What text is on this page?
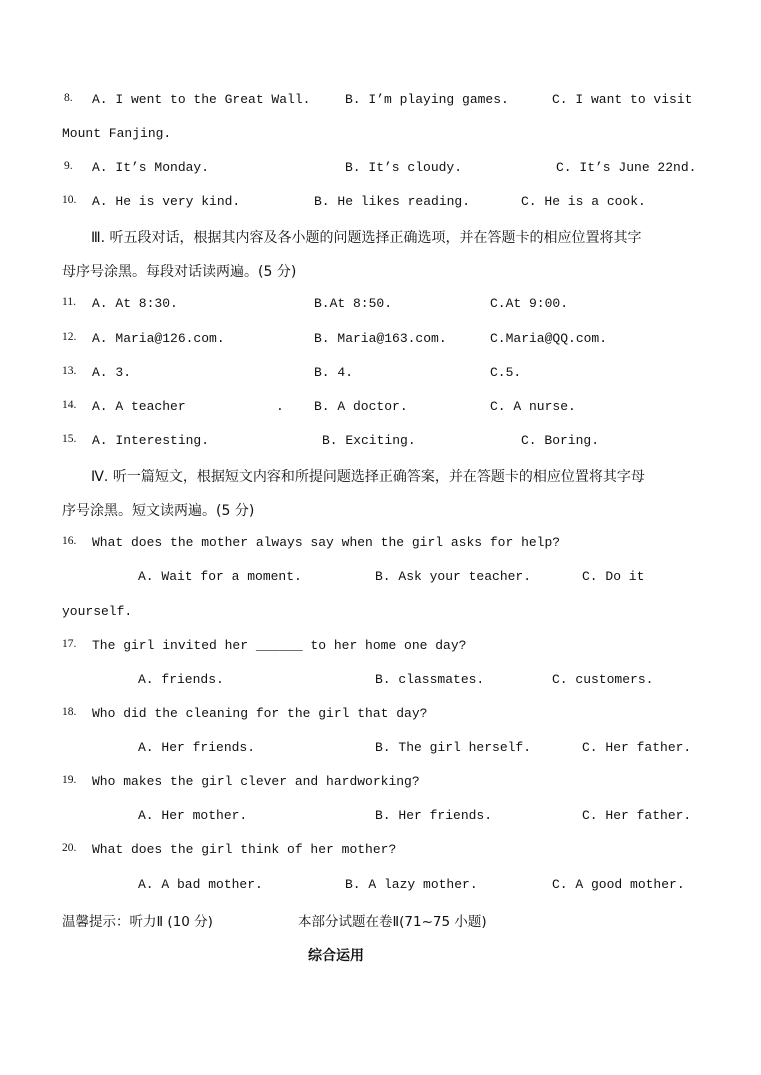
8. A. I went to the Great Wall.	B. I’m playing games.	C. I want to visit
Mount Fanjing.
9. A. It’s Monday.	B. It’s cloudy.	C. It’s June 22nd.
10. A. He is very kind.	B. He likes reading.	C. He is a cook.
Ⅲ. 听五段对话，根据其内容及各小题的问题选择正确选项，并在答题卡的相应位置将其字
母序号涂黑。每段对话读两遍。(5 分)
11. A. At 8:30.	B.At 8:50.	C.At 9:00.
12. A. Maria@126.com.	B. Maria@163.com.	C.Maria@QQ.com.
13. A. 3.	B. 4.	C.5.
14. A. A teacher	. B. A doctor.	C. A nurse.
15. A. Interesting.	B. Exciting.	C. Boring.
Ⅳ. 听一篇短文，根据短文内容和所提问题选择正确答案，并在答题卡的相应位置将其字母
序号涂黑。短文读两遍。(5 分)
16. What does the mother always say when the girl asks for help?
A. Wait for a moment.	B. Ask your teacher.	C. Do it
yourself.
17. The girl invited her ______ to her home one day?
A. friends.	B. classmates.	C. customers.
18. Who did the cleaning for the girl that day?
A. Her friends.	B. The girl herself.	C. Her father.
19. Who makes the girl clever and hardworking?
A. Her mother.	B. Her friends.	C. Her father.
20. What does the girl think of her mother?
A. A bad mother.	B. A lazy mother.	C. A good mother.
温馨提示：听力Ⅱ (10 分)	本部分试题在卷Ⅱ(71~75 小题)
综合运用
